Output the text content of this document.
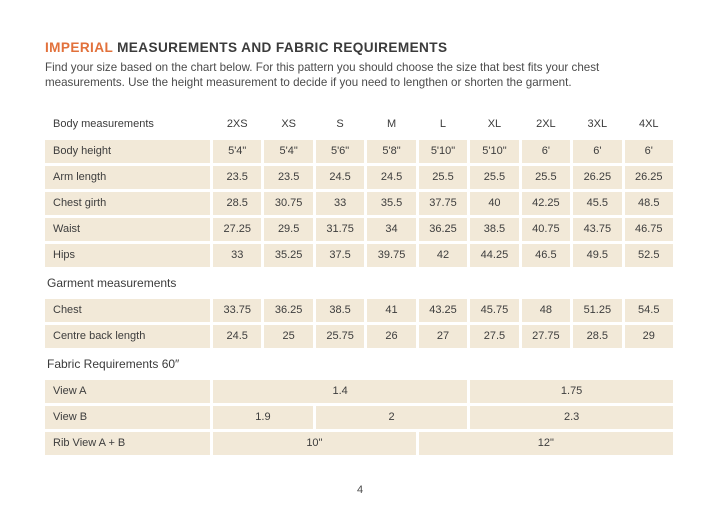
IMPERIAL MEASUREMENTS AND FABRIC REQUIREMENTS
Find your size based on the chart below. For this pattern you should choose the size that best fits your chest measurements. Use the height measurement to decide if you need to lengthen or shorten the garment.
Body measurements	2XS	XS	S	M	L	XL	2XL	3XL	4XL
Body height	5'4"	5'4"	5'6"	5'8"	5'10"	5'10"	6'	6'	6'
Arm length	23.5	23.5	24.5	24.5	25.5	25.5	25.5	26.25	26.25
Chest girth	28.5	30.75	33	35.5	37.75	40	42.25	45.5	48.5
Waist	27.25	29.5	31.75	34	36.25	38.5	40.75	43.75	46.75
Hips	33	35.25	37.5	39.75	42	44.25	46.5	49.5	52.5
Garment measurements
Chest	33.75	36.25	38.5	41	43.25	45.75	48	51.25	54.5
Centre back length	24.5	25	25.75	26	27	27.5	27.75	28.5	29
Fabric Requirements 60″
View A	1.4	1.75
View B	1.9	2	2.3
Rib View A + B	10"	12"
4
